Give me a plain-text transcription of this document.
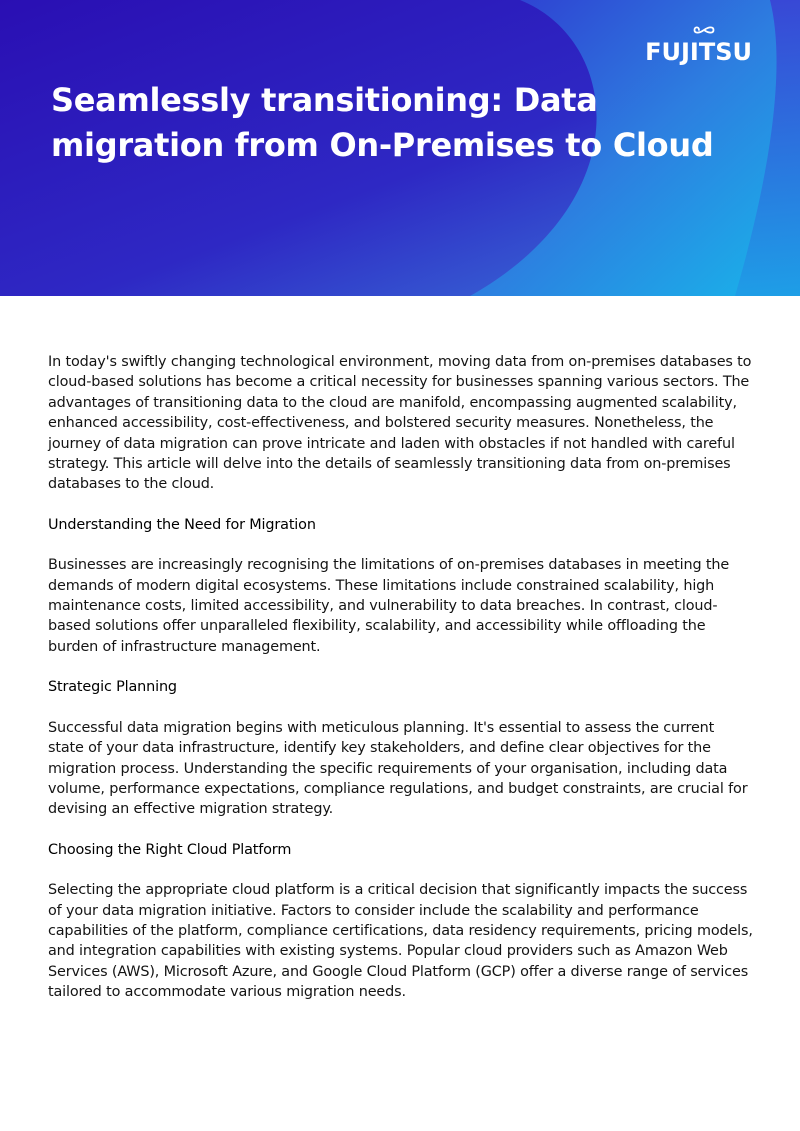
FUJITSU
Seamlessly transitioning: Data migration from On-Premises to Cloud

In today's swiftly changing technological environment, moving data from on-premises databases to cloud-based solutions has become a critical necessity for businesses spanning various sectors. The advantages of transitioning data to the cloud are manifold, encompassing augmented scalability, enhanced accessibility, cost-effectiveness, and bolstered security measures. Nonetheless, the journey of data migration can prove intricate and laden with obstacles if not handled with careful strategy. This article will delve into the details of seamlessly transitioning data from on-premises databases to the cloud.

Understanding the Need for Migration

Businesses are increasingly recognising the limitations of on-premises databases in meeting the demands of modern digital ecosystems. These limitations include constrained scalability, high maintenance costs, limited accessibility, and vulnerability to data breaches. In contrast, cloud-based solutions offer unparalleled flexibility, scalability, and accessibility while offloading the burden of infrastructure management.

Strategic Planning

Successful data migration begins with meticulous planning. It's essential to assess the current state of your data infrastructure, identify key stakeholders, and define clear objectives for the migration process. Understanding the specific requirements of your organisation, including data volume, performance expectations, compliance regulations, and budget constraints, are crucial for devising an effective migration strategy.

Choosing the Right Cloud Platform

Selecting the appropriate cloud platform is a critical decision that significantly impacts the success of your data migration initiative. Factors to consider include the scalability and performance capabilities of the platform, compliance certifications, data residency requirements, pricing models, and integration capabilities with existing systems. Popular cloud providers such as Amazon Web Services (AWS), Microsoft Azure, and Google Cloud Platform (GCP) offer a diverse range of services tailored to accommodate various migration needs.
